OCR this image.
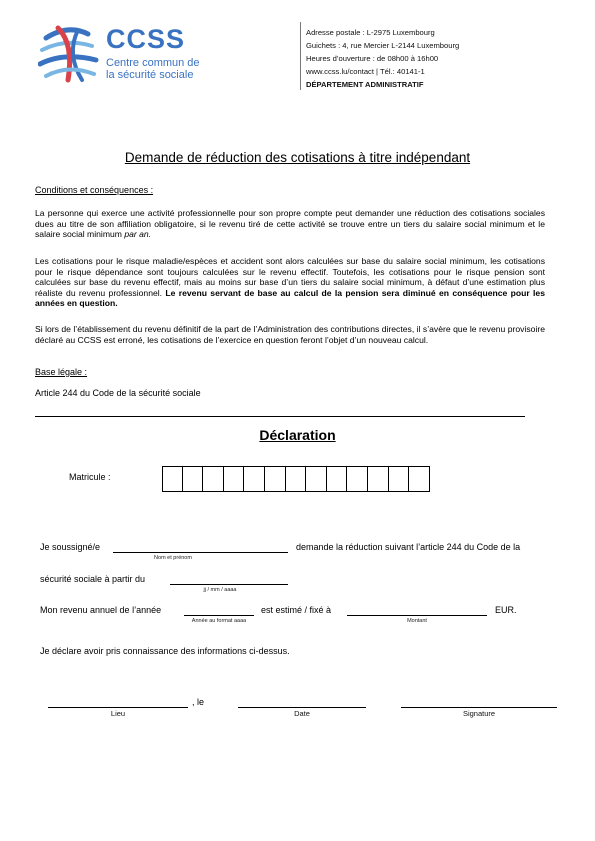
CCSS
Centre commun de
la sécurité sociale
Adresse postale : L-2975 Luxembourg
Guichets : 4, rue Mercier L-2144 Luxembourg
Heures d’ouverture : de 08h00 à 16h00
www.ccss.lu/contact | Tél.: 40141-1
DÉPARTEMENT ADMINISTRATIF
Demande de réduction des cotisations à titre indépendant
Conditions et conséquences :
La personne qui exerce une activité professionnelle pour son propre compte peut demander une réduction des cotisations sociales dues au titre de son affiliation obligatoire, si le revenu tiré de cette activité se trouve entre un tiers du salaire social minimum et le salaire social minimum par an.
Les cotisations pour le risque maladie/espèces et accident sont alors calculées sur base du salaire social minimum, les cotisations pour le risque dépendance sont toujours calculées sur le revenu effectif. Toutefois, les cotisations pour le risque pension sont calculées sur base du revenu effectif, mais au moins sur base d’un tiers du salaire social minimum, à défaut d’une estimation plus réaliste du revenu professionnel. Le revenu servant de base au calcul de la pension sera diminué en conséquence pour les années en question.
Si lors de l’établissement du revenu définitif de la part de l’Administration des contributions directes, il s’avère que le revenu provisoire déclaré au CCSS est erroné, les cotisations de l’exercice en question feront l’objet d’un nouveau calcul.
Base légale :
Article 244 du Code de la sécurité sociale
Déclaration
Matricule :
Je soussigné/e
Nom et prénom
demande la réduction suivant l’article 244 du Code de la
sécurité sociale à partir du
jj / mm / aaaa
Mon revenu annuel de l’année
Année au format aaaa
est estimé / fixé à
Montant
EUR.
Je déclare avoir pris connaissance des informations ci-dessus.
Lieu
, le
Date	Signature
